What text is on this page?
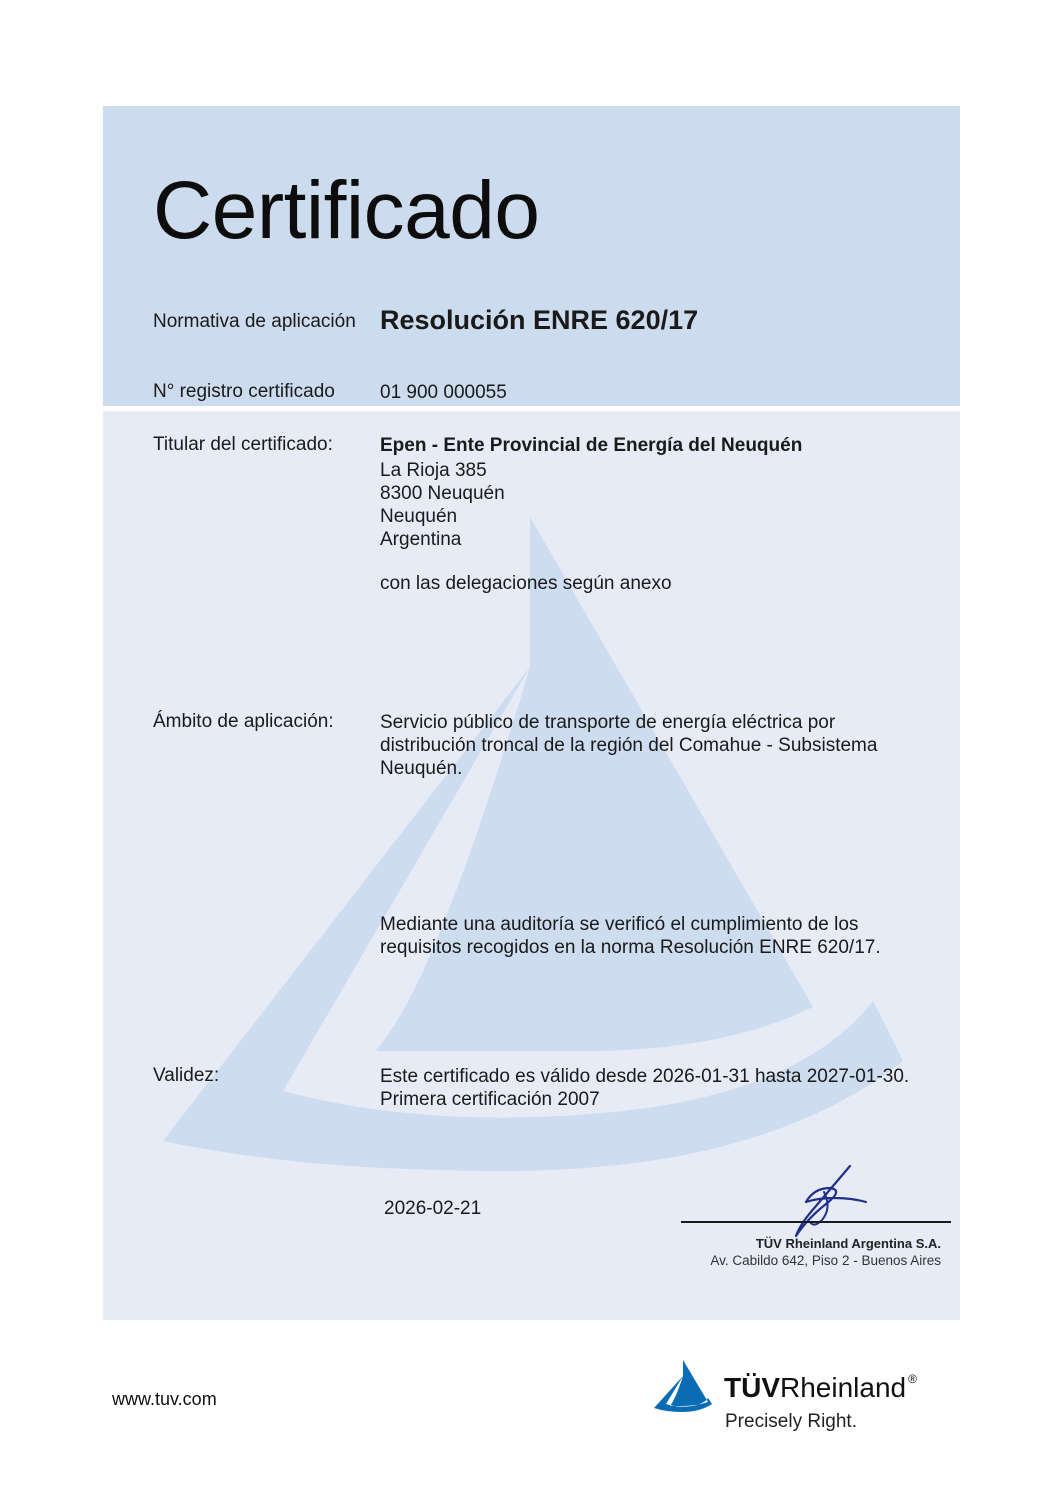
Certificado
Normativa de aplicación Resolución ENRE 620/17
N° registro certificado 01 900 000055
Titular del certificado: Epen - Ente Provincial de Energía del Neuquén
La Rioja 385
8300 Neuquén
Neuquén
Argentina
con las delegaciones según anexo
Ámbito de aplicación: Servicio público de transporte de energía eléctrica por
distribución troncal de la región del Comahue - Subsistema
Neuquén.
Mediante una auditoría se verificó el cumplimiento de los
requisitos recogidos en la norma Resolución ENRE 620/17.
Validez:	Este certificado es válido desde 2026-01-31 hasta 2027-01-30.
Primera certificación 2007
2026-02-21
TÜV Rheinland Argentina S.A.
Av. Cabildo 642, Piso 2 - Buenos Aires
www.tuv.com	TÜVRheinland ®
Precisely Right.
